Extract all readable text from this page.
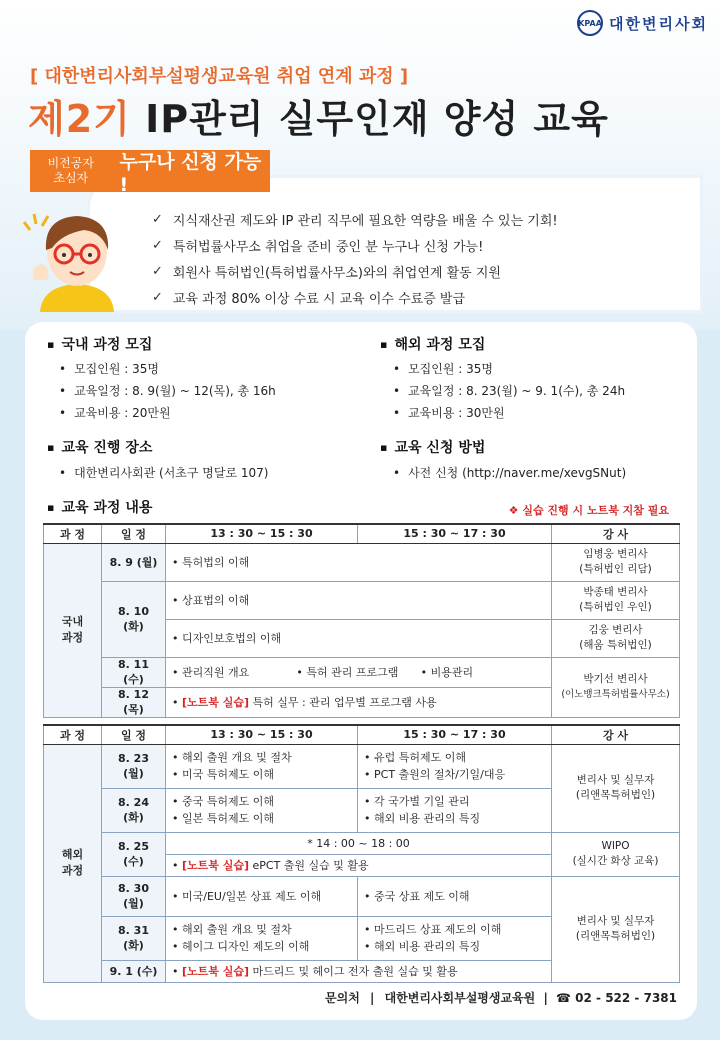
KPAA 대한변리사회
[ 대한변리사회부설평생교육원 취업 연계 과정 ]
제2기 IP관리 실무인재 양성 교육
✓ 지식재산권 제도와 IP 관리 직무에 필요한 역량을 배울 수 있는 기회!
✓ 특허법률사무소 취업을 준비 중인 분 누구나 신청 가능!
✓ 회원사 특허법인(특허법률사무소)와의 취업연계 활동 지원
✓ 교육 과정 80% 이상 수료 시 교육 이수 수료증 발급
비전공자
초심자
누구나 신청 가능 !
▪ 국내 과정 모집
• 모집인원 : 35명
• 교육일정 : 8. 9(월) ~ 12(목), 총 16h
• 교육비용 : 20만원
▪ 해외 과정 모집
• 모집인원 : 35명
• 교육일정 : 8. 23(월) ~ 9. 1(수), 총 24h
• 교육비용 : 30만원
▪ 교육 진행 장소
• 대한변리사회관 (서초구 명달로 107)
▪ 교육 신청 방법
• 사전 신청 (http://naver.me/xevgSNut)
▪ 교육 과정 내용	❖ 실습 진행 시 노트북 지참 필요
과 정	일 정	13 : 30 ~ 15 : 30	15 : 30 ~ 17 : 30	강 사
국내
과정	8. 9 (월)	• 특허법의 이해		임병웅 변리사
(특허법인 리담)
	8. 10 (화)	• 상표법의 이해		박종태 변리사
(특허법인 우인)

		• 디자인보호법의 이해		김웅 변리사
(해움 특허법인)
	8. 11 (수)	• 관리직원 개요 • 특허 관리 프로그램 • 비용관리		박기선 변리사
(이노뱅크특허법률사무소)
	8. 12 (목)	• [노트북 실습] 특허 실무 : 관리 업무별 프로그램 사용		
과 정	일 정	13 : 30 ~ 15 : 30	15 : 30 ~ 17 : 30	강 사
해외
과정	8. 23 (월)	• 해외 출원 개요 및 절차
• 미국 특허제도 이해	• 유럽 특허제도 이해
• PCT 출원의 절차/기일/대응	변리사 및 실무자
(리앤목특허법인)
	8. 24 (화)	• 중국 특허제도 이해
• 일본 특허제도 이해	• 각 국가별 기일 관리
• 해외 비용 관리의 특징

	8. 25 (수)	* 14 : 00 ~ 18 : 00		WIPO
(실시간 화상 교육)
		• [노트북 실습] ePCT 출원 실습 및 활용		
	8. 30 (월)	• 미국/EU/일본 상표 제도 이해	• 중국 상표 제도 이해	변리사 및 실무자
(리앤목특허법인)
	8. 31 (화)	• 해외 출원 개요 및 절차
• 헤이그 디자인 제도의 이해	• 마드리드 상표 제도의 이해
• 해외 비용 관리의 특징

	9. 1 (수)	• [노트북 실습] 마드리드 및 헤이그 전자 출원 실습 및 활용		
문의처 | 대한변리사회부설평생교육원 | ☎ 02 - 522 - 7381
